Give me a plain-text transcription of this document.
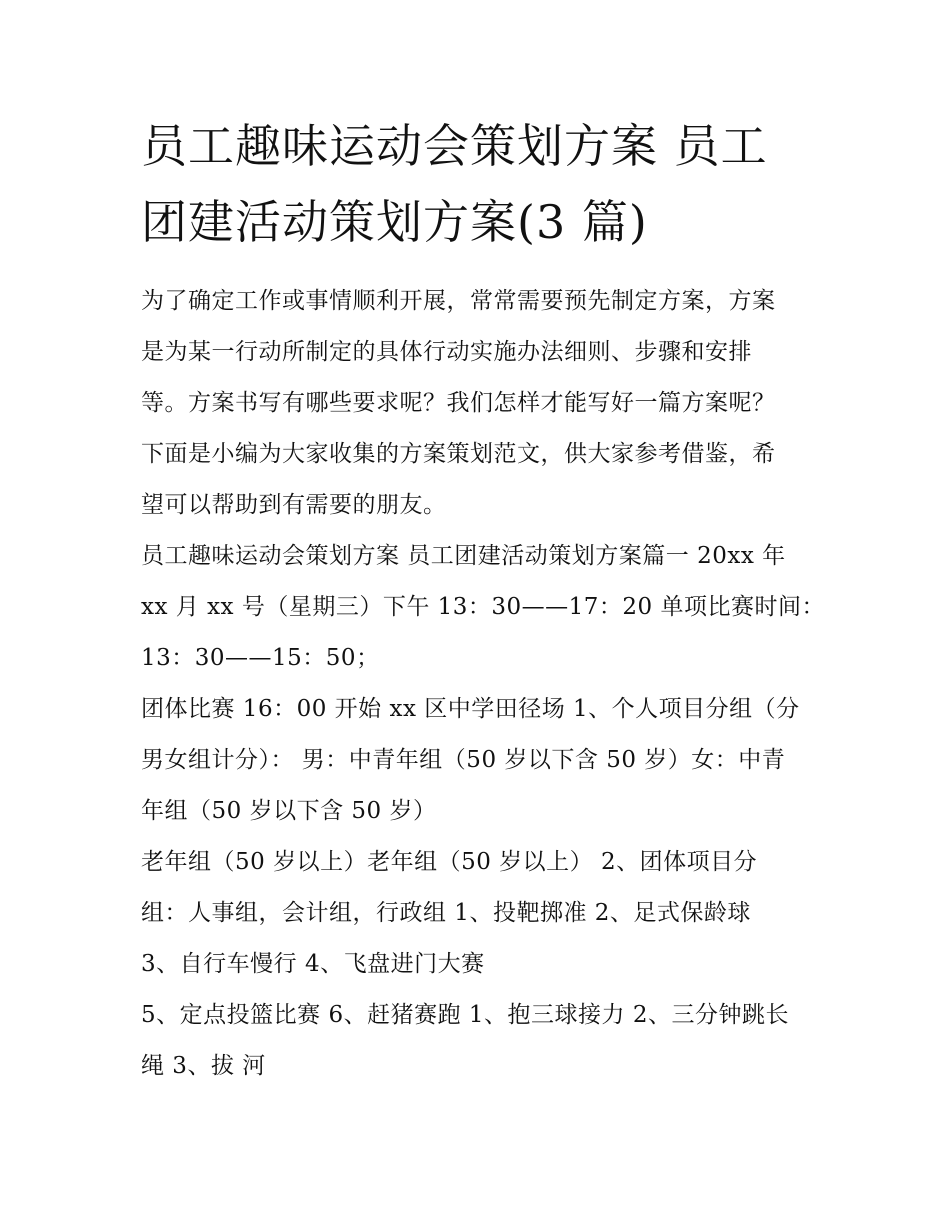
员工趣味运动会策划方案 员工
团建活动策划方案(3 篇)
为了确定工作或事情顺利开展，常常需要预先制定方案，方案
是为某一行动所制定的具体行动实施办法细则、步骤和安排
等。方案书写有哪些要求呢？我们怎样才能写好一篇方案呢？
下面是小编为大家收集的方案策划范文，供大家参考借鉴，希
望可以帮助到有需要的朋友。
员工趣味运动会策划方案 员工团建活动策划方案篇一 20xx 年
xx 月 xx 号（星期三）下午 13：30——17：20 单项比赛时间：
13：30——15：50；
团体比赛 16：00 开始 xx 区中学田径场 1、个人项目分组（分
男女组计分）： 男：中青年组（50 岁以下含 50 岁）女：中青
年组（50 岁以下含 50 岁）
老年组（50 岁以上）老年组（50 岁以上） 2、团体项目分
组：人事组，会计组，行政组 1、投靶掷准 2、足式保龄球
3、自行车慢行 4、飞盘进门大赛
5、定点投篮比赛 6、赶猪赛跑 1、抱三球接力 2、三分钟跳长
绳 3、拔 河
